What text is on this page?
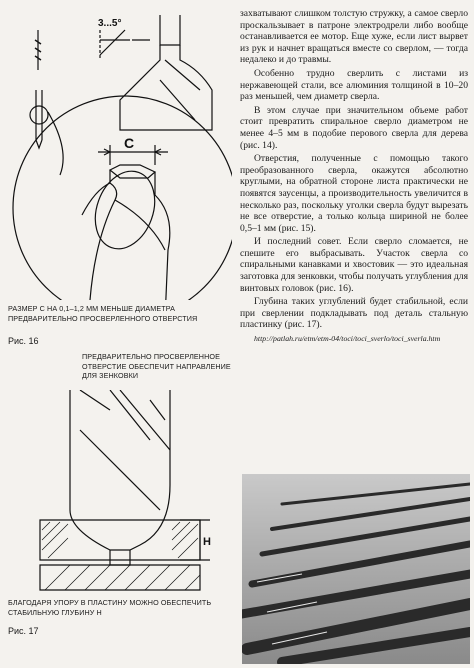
3...5°
C
РАЗМЕР С НА 0,1–1,2 ММ МЕНЬШЕ ДИАМЕТРА ПРЕДВАРИТЕЛЬНО ПРОСВЕРЛЕННОГО ОТВЕРСТИЯ
Рис. 16
ПРЕДВАРИТЕЛЬНО ПРОСВЕРЛЕННОЕ ОТВЕРСТИЕ ОБЕСПЕЧИТ НАПРАВЛЕНИЕ ДЛЯ ЗЕНКОВКИ
H
БЛАГОДАРЯ УПОРУ В ПЛАСТИНУ МОЖНО ОБЕСПЕЧИТЬ СТАБИЛЬНУЮ ГЛУБИНУ Н
Рис. 17

захватывают слишком толстую стружку, а самое сверло проскальзывает в патроне электродрели либо вообще останавливается ее мотор. Еще хуже, если лист вырвет из рук и начнет вращаться вместе со сверлом, — тогда недалеко и до травмы.

Особенно трудно сверлить с листами из нержавеющей стали, все алюминия толщиной в 10–20 раз меньшей, чем диаметр сверла.

В этом случае при значительном объеме работ стоит превратить спиральное сверло диаметром не менее 4–5 мм в подобие перового сверла для дерева (рис. 14).

Отверстия, полученные с помощью такого преобразованного сверла, окажутся абсолютно круглыми, на обратной стороне листа практически не появятся заусенцы, а производительность увеличится в несколько раз, поскольку уголки сверла будут вырезать не все отверстие, а только кольца шириной не более 0,5–1 мм (рис. 15).

И последний совет. Если сверло сломается, не спешите его выбрасывать. Участок сверла со спиральными канавками и хвостовик — это идеальная заготовка для зенковки, чтобы получать углубления для винтовых головок (рис. 16).

Глубина таких углублений будет стабильной, если при сверлении подкладывать под деталь стальную пластинку (рис. 17).

http://patlah.ru/etm/etm-04/toci/toci_sverlo/toci_sverla.htm
